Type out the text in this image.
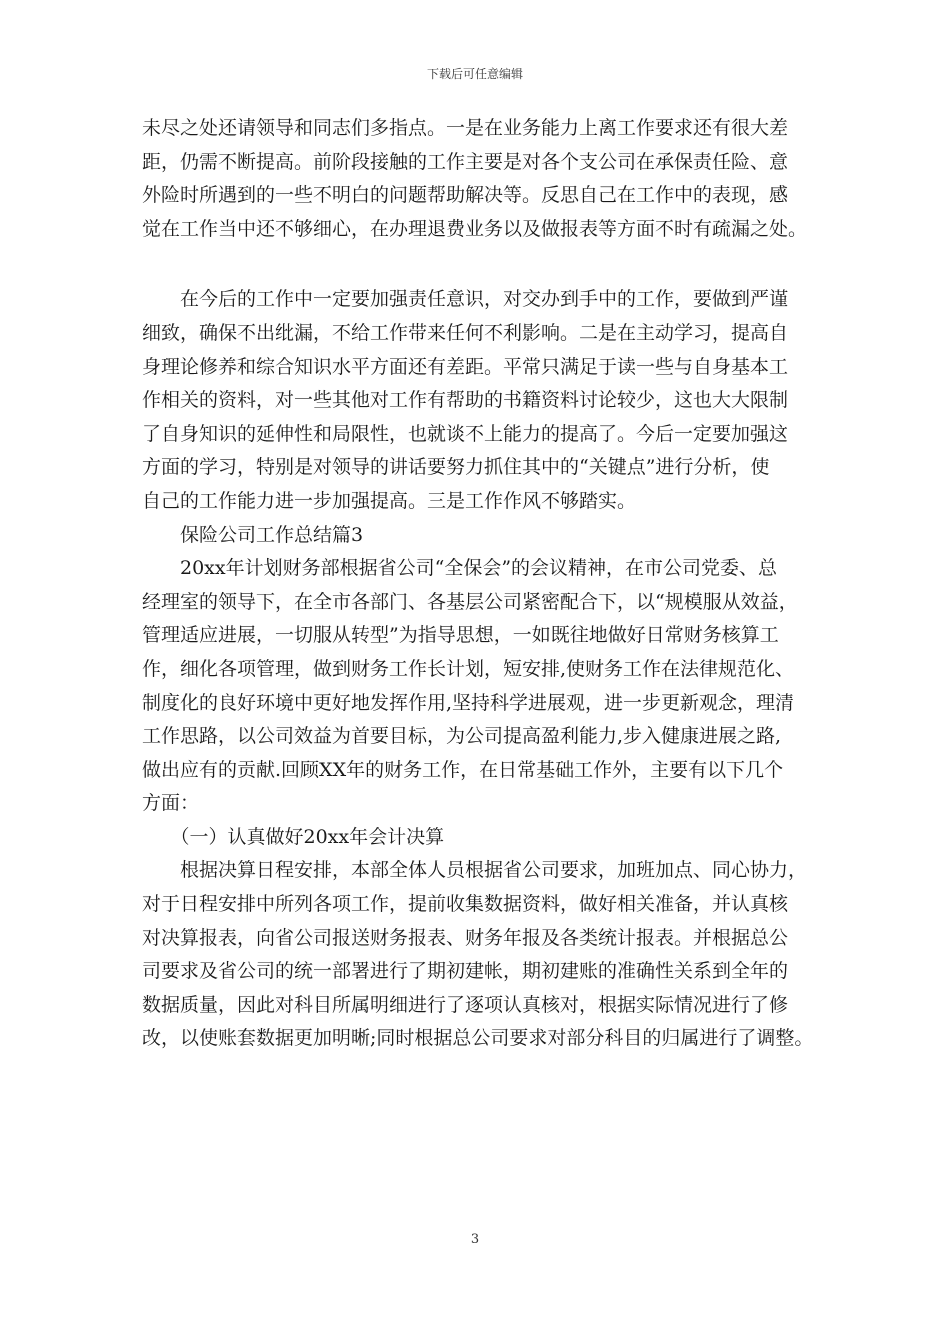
下载后可任意编辑
未尽之处还请领导和同志们多指点。一是在业务能力上离工作要求还有很大差
距，仍需不断提高。前阶段接触的工作主要是对各个支公司在承保责任险、意
外险时所遇到的一些不明白的问题帮助解决等。反思自己在工作中的表现，感
觉在工作当中还不够细心，在办理退费业务以及做报表等方面不时有疏漏之处。
　　在今后的工作中一定要加强责任意识，对交办到手中的工作，要做到严谨
细致，确保不出纰漏，不给工作带来任何不利影响。二是在主动学习，提高自
身理论修养和综合知识水平方面还有差距。平常只满足于读一些与自身基本工
作相关的资料，对一些其他对工作有帮助的书籍资料讨论较少，这也大大限制
了自身知识的延伸性和局限性，也就谈不上能力的提高了。今后一定要加强这
方面的学习，特别是对领导的讲话要努力抓住其中的“关键点”进行分析，使
自己的工作能力进一步加强提高。三是工作作风不够踏实。
　　保险公司工作总结篇3
　　20xx年计划财务部根据省公司“全保会”的会议精神，在市公司党委、总
经理室的领导下，在全市各部门、各基层公司紧密配合下，以“规模服从效益，
管理适应进展，一切服从转型”为指导思想，一如既往地做好日常财务核算工
作，细化各项管理，做到财务工作长计划，短安排,使财务工作在法律规范化、
制度化的良好环境中更好地发挥作用,坚持科学进展观，进一步更新观念，理清
工作思路，以公司效益为首要目标，为公司提高盈利能力,步入健康进展之路,
做出应有的贡献.回顾XX年的财务工作，在日常基础工作外，主要有以下几个
方面：
　　（一）认真做好20xx年会计决算
　　根据决算日程安排，本部全体人员根据省公司要求，加班加点、同心协力，
对于日程安排中所列各项工作，提前收集数据资料，做好相关准备，并认真核
对决算报表，向省公司报送财务报表、财务年报及各类统计报表。并根据总公
司要求及省公司的统一部署进行了期初建帐，期初建账的准确性关系到全年的
数据质量，因此对科目所属明细进行了逐项认真核对，根据实际情况进行了修
改，以使账套数据更加明晰;同时根据总公司要求对部分科目的归属进行了调整。
3
